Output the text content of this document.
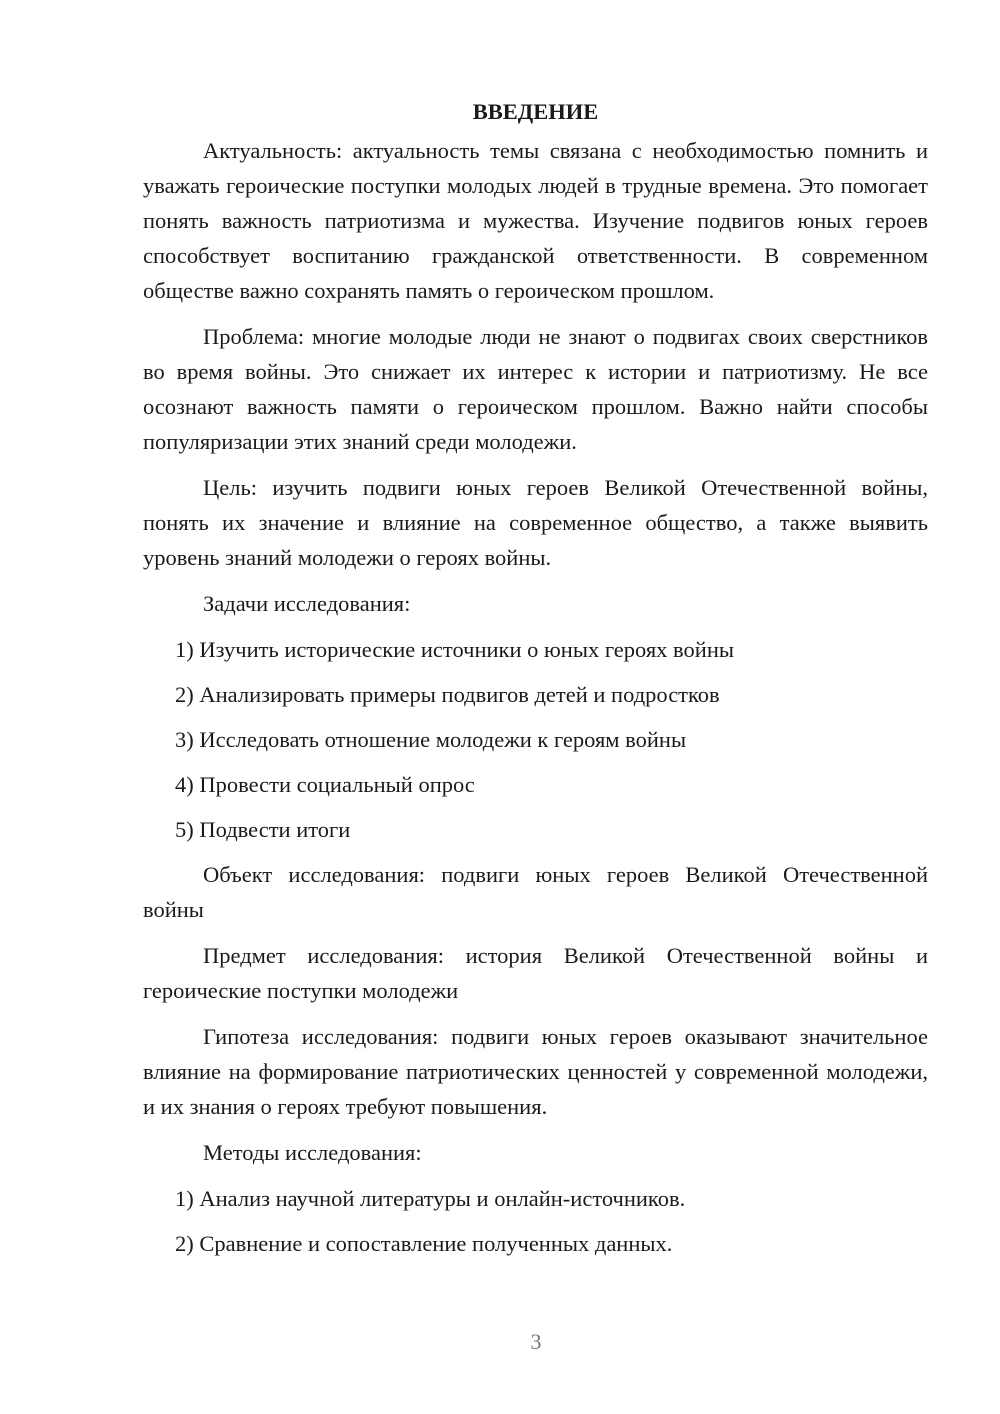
ВВЕДЕНИЕ

Актуальность: актуальность темы связана с необходимостью помнить и уважать героические поступки молодых людей в трудные времена. Это помогает понять важность патриотизма и мужества. Изучение подвигов юных героев способствует воспитанию гражданской ответственности. В современном обществе важно сохранять память о героическом прошлом.

Проблема: многие молодые люди не знают о подвигах своих сверстников во время войны. Это снижает их интерес к истории и патриотизму. Не все осознают важность памяти о героическом прошлом. Важно найти способы популяризации этих знаний среди молодежи.

Цель: изучить подвиги юных героев Великой Отечественной войны, понять их значение и влияние на современное общество, а также выявить уровень знаний молодежи о героях войны.

Задачи исследования:

1) Изучить исторические источники о юных героях войны

2) Анализировать примеры подвигов детей и подростков

3) Исследовать отношение молодежи к героям войны

4) Провести социальный опрос

5) Подвести итоги

Объект исследования: подвиги юных героев Великой Отечественной войны

Предмет исследования: история Великой Отечественной войны и героические поступки молодежи

Гипотеза исследования: подвиги юных героев оказывают значительное влияние на формирование патриотических ценностей у современной молодежи, и их знания о героях требуют повышения.

Методы исследования:

1) Анализ научной литературы и онлайн-источников.

2) Сравнение и сопоставление полученных данных.

3
